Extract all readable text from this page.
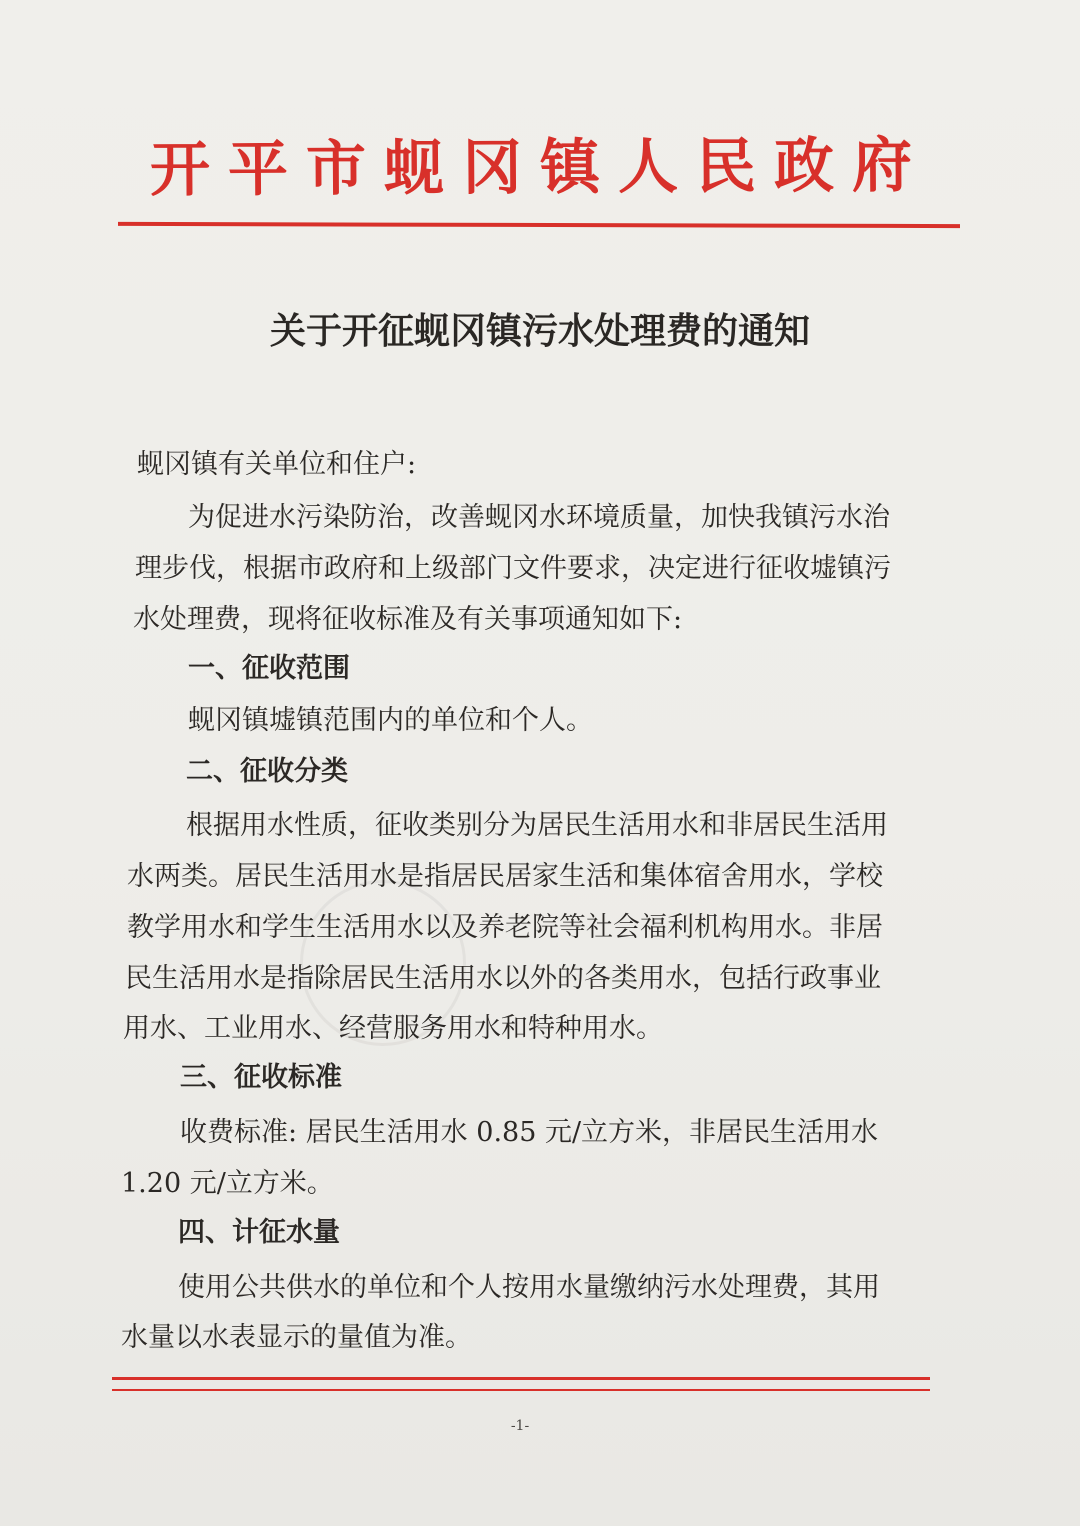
开平市蚬冈镇人民政府
关于开征蚬冈镇污水处理费的通知
蚬冈镇有关单位和住户:
为促进水污染防治，改善蚬冈水环境质量，加快我镇污水治
理步伐，根据市政府和上级部门文件要求，决定进行征收墟镇污
水处理费，现将征收标准及有关事项通知如下:
一、征收范围
蚬冈镇墟镇范围内的单位和个人。
二、征收分类
根据用水性质，征收类别分为居民生活用水和非居民生活用
水两类。居民生活用水是指居民居家生活和集体宿舍用水，学校
教学用水和学生生活用水以及养老院等社会福利机构用水。非居
民生活用水是指除居民生活用水以外的各类用水，包括行政事业
用水、工业用水、经营服务用水和特种用水。
三、征收标准
收费标准: 居民生活用水 0.85 元/立方米，非居民生活用水
1.20 元/立方米。
四、计征水量
使用公共供水的单位和个人按用水量缴纳污水处理费，其用
水量以水表显示的量值为准。
-1-
